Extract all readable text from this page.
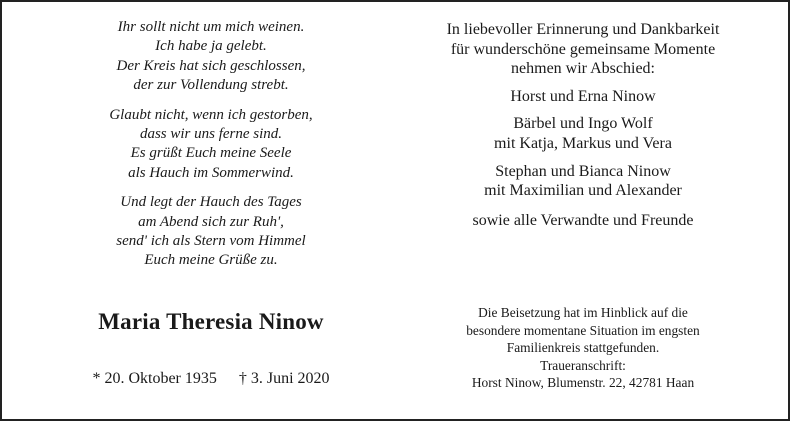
Ihr sollt nicht um mich weinen.
Ich habe ja gelebt.
Der Kreis hat sich geschlossen,
der zur Vollendung strebt.
Glaubt nicht, wenn ich gestorben,
dass wir uns ferne sind.
Es grüßt Euch meine Seele
als Hauch im Sommerwind.
Und legt der Hauch des Tages
am Abend sich zur Ruh',
send' ich als Stern vom Himmel
Euch meine Grüße zu.
Maria Theresia Ninow
* 20. Oktober 1935 † 3. Juni 2020
In liebevoller Erinnerung und Dankbarkeit
für wunderschöne gemeinsame Momente
nehmen wir Abschied:
Horst und Erna Ninow
Bärbel und Ingo Wolf
mit Katja, Markus und Vera
Stephan und Bianca Ninow
mit Maximilian und Alexander
sowie alle Verwandte und Freunde
Die Beisetzung hat im Hinblick auf die
besondere momentane Situation im engsten
Familienkreis stattgefunden.
Traueranschrift:
Horst Ninow, Blumenstr. 22, 42781 Haan
